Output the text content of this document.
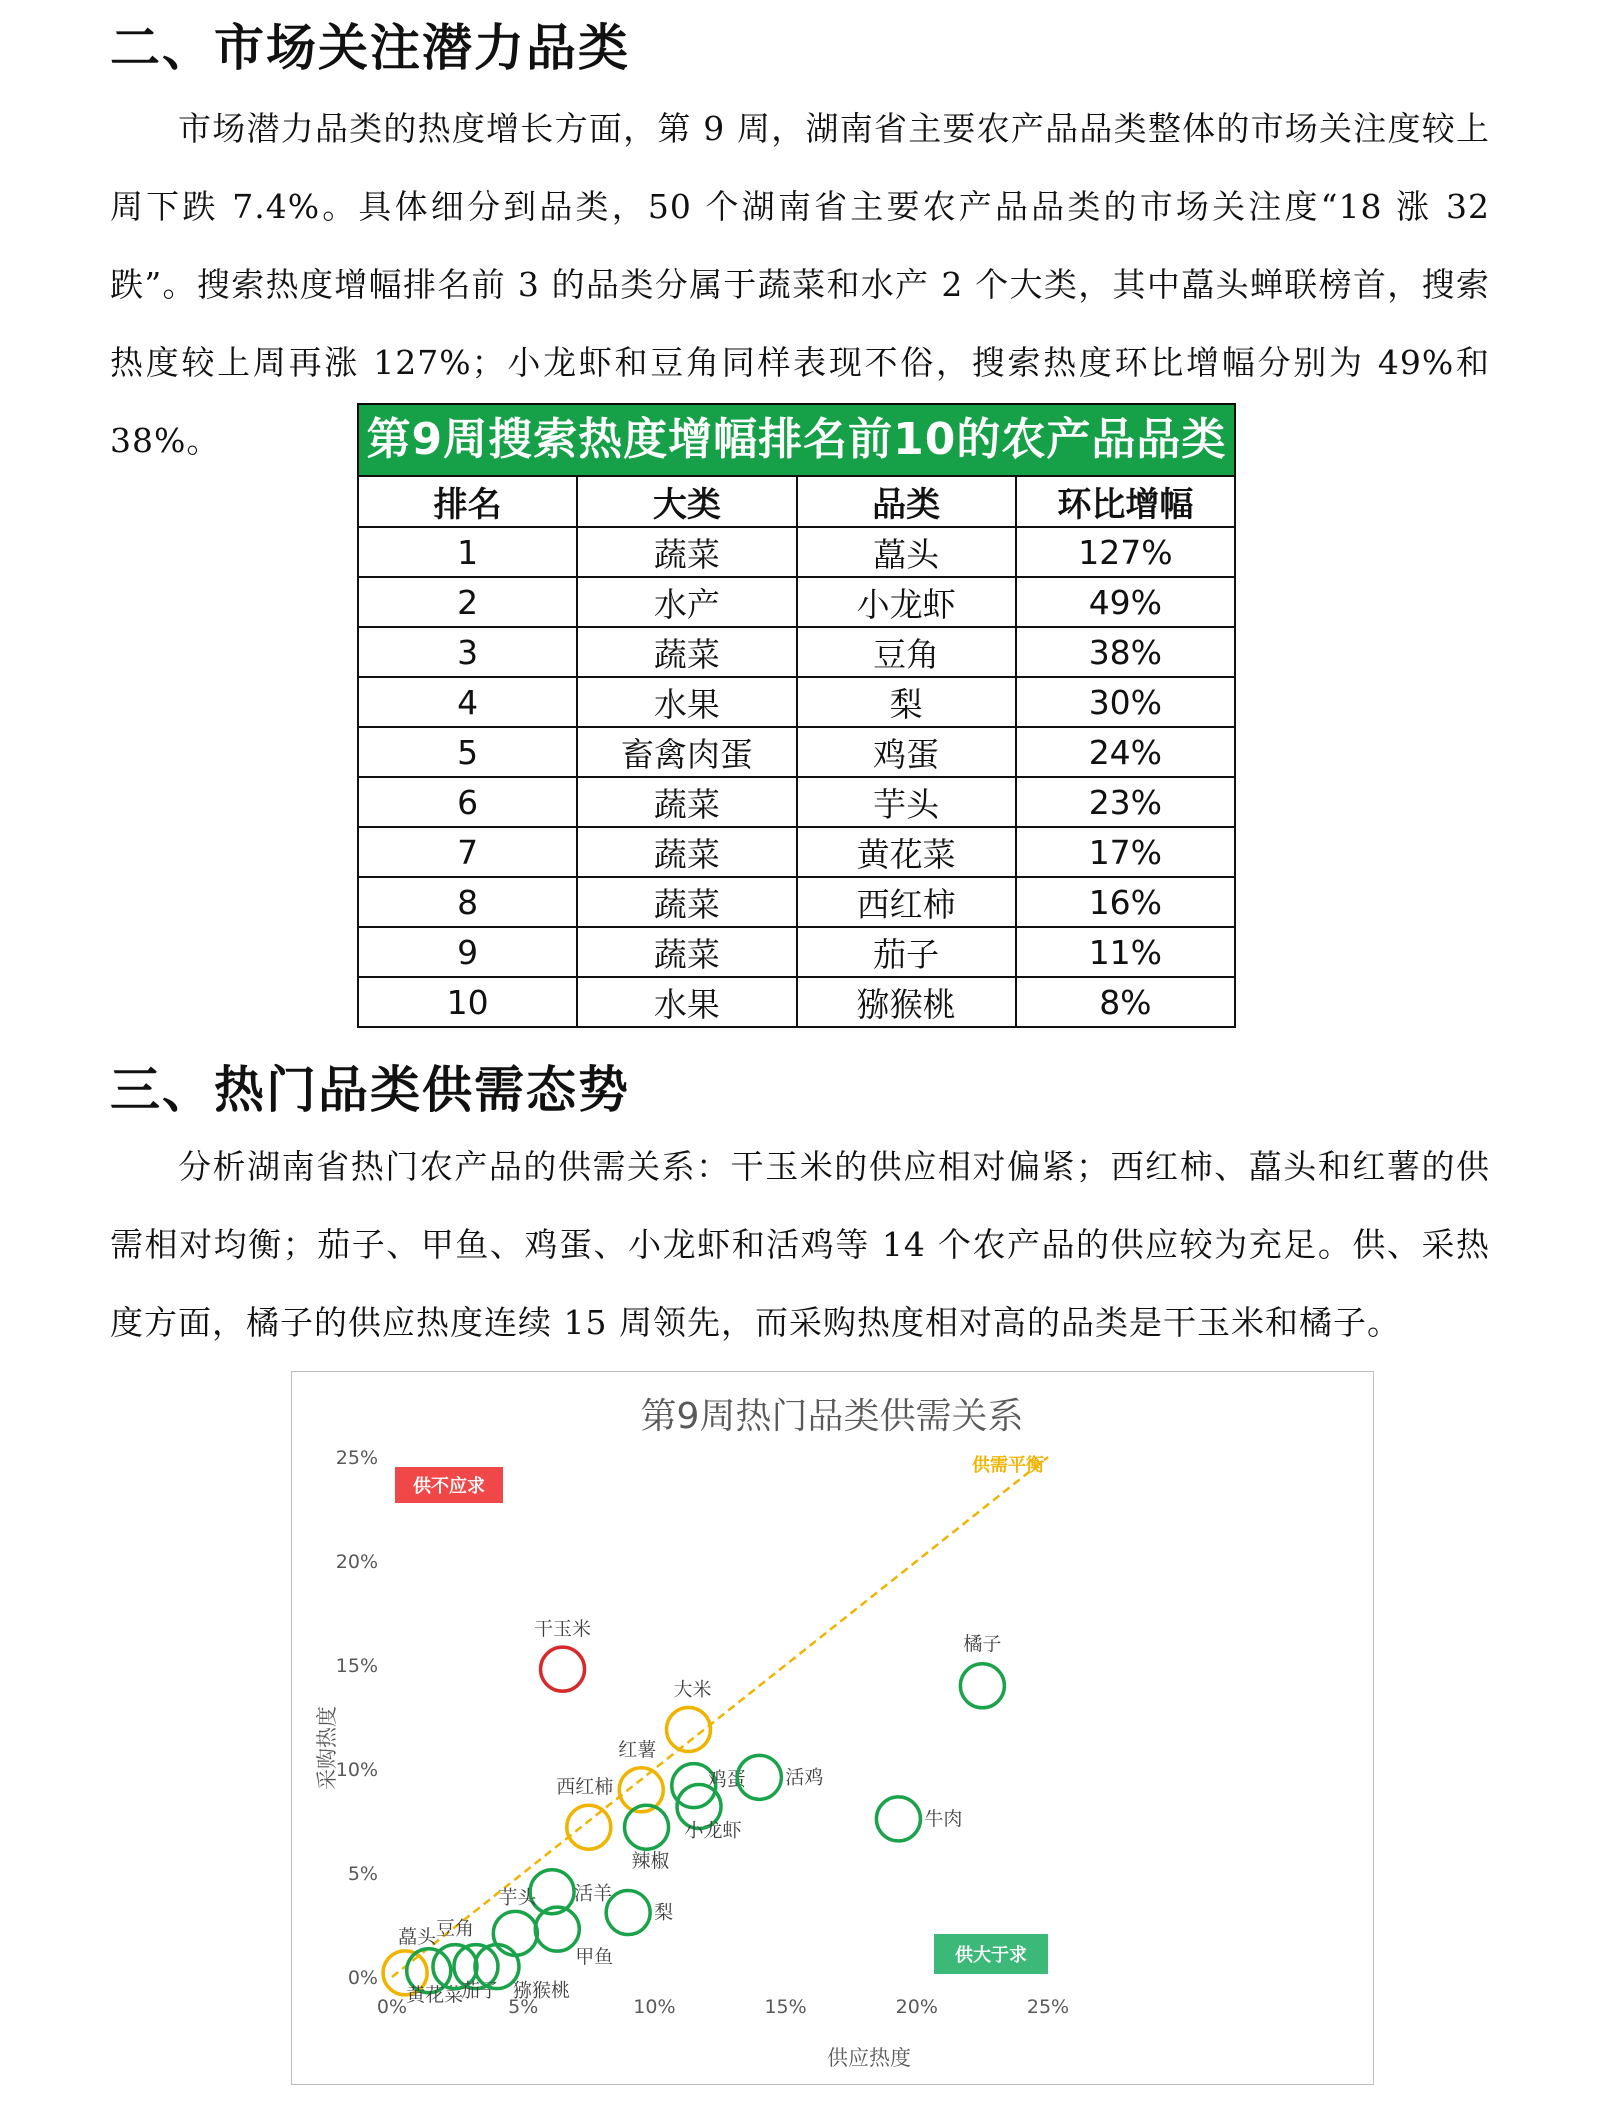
二、市场关注潜力品类

市场潜力品类的热度增长方面，第 9 周，湖南省主要农产品品类整体的市场关注度较上周下跌 7.4%。具体细分到品类，50 个湖南省主要农产品品类的市场关注度“18 涨 32 跌”。搜索热度增幅排名前 3 的品类分属于蔬菜和水产 2 个大类，其中藠头蝉联榜首，搜索热度较上周再涨 127%；小龙虾和豆角同样表现不俗，搜索热度环比增幅分别为 49%和 38%。	第9周搜索热度增幅排名前10的农产品品类
排名	大类	品类	环比增幅
1	蔬菜	藠头	127%
2	水产	小龙虾	49%
3	蔬菜	豆角	38%
4	水果	梨	30%
5	畜禽肉蛋	鸡蛋	24%
6	蔬菜	芋头	23%
7	蔬菜	黄花菜	17%
8	蔬菜	西红柿	16%
9	蔬菜	茄子	11%
10	水果	猕猴桃	8%
三、热门品类供需态势

分析湖南省热门农产品的供需关系：干玉米的供应相对偏紧；西红柿、藠头和红薯的供需相对均衡；茄子、甲鱼、鸡蛋、小龙虾和活鸡等 14 个农产品的供应较为充足。供、采热度方面，橘子的供应热度连续 15 周领先，而采购热度相对高的品类是干玉米和橘子。

第9周热门品类供需关系
采购热度
供应热度
0%
5%
10%
15%
20%
25%
0%	5%	10%	15%	20%	25%
供不应求
供大于求
供需平衡
干玉米
橘子
大米
红薯
鸡蛋 活鸡
西红柿
小龙虾
辣椒
牛肉
活羊
芋头
梨
甲鱼
藠头
黄花菜
豆角
茄子 猕猴桃
